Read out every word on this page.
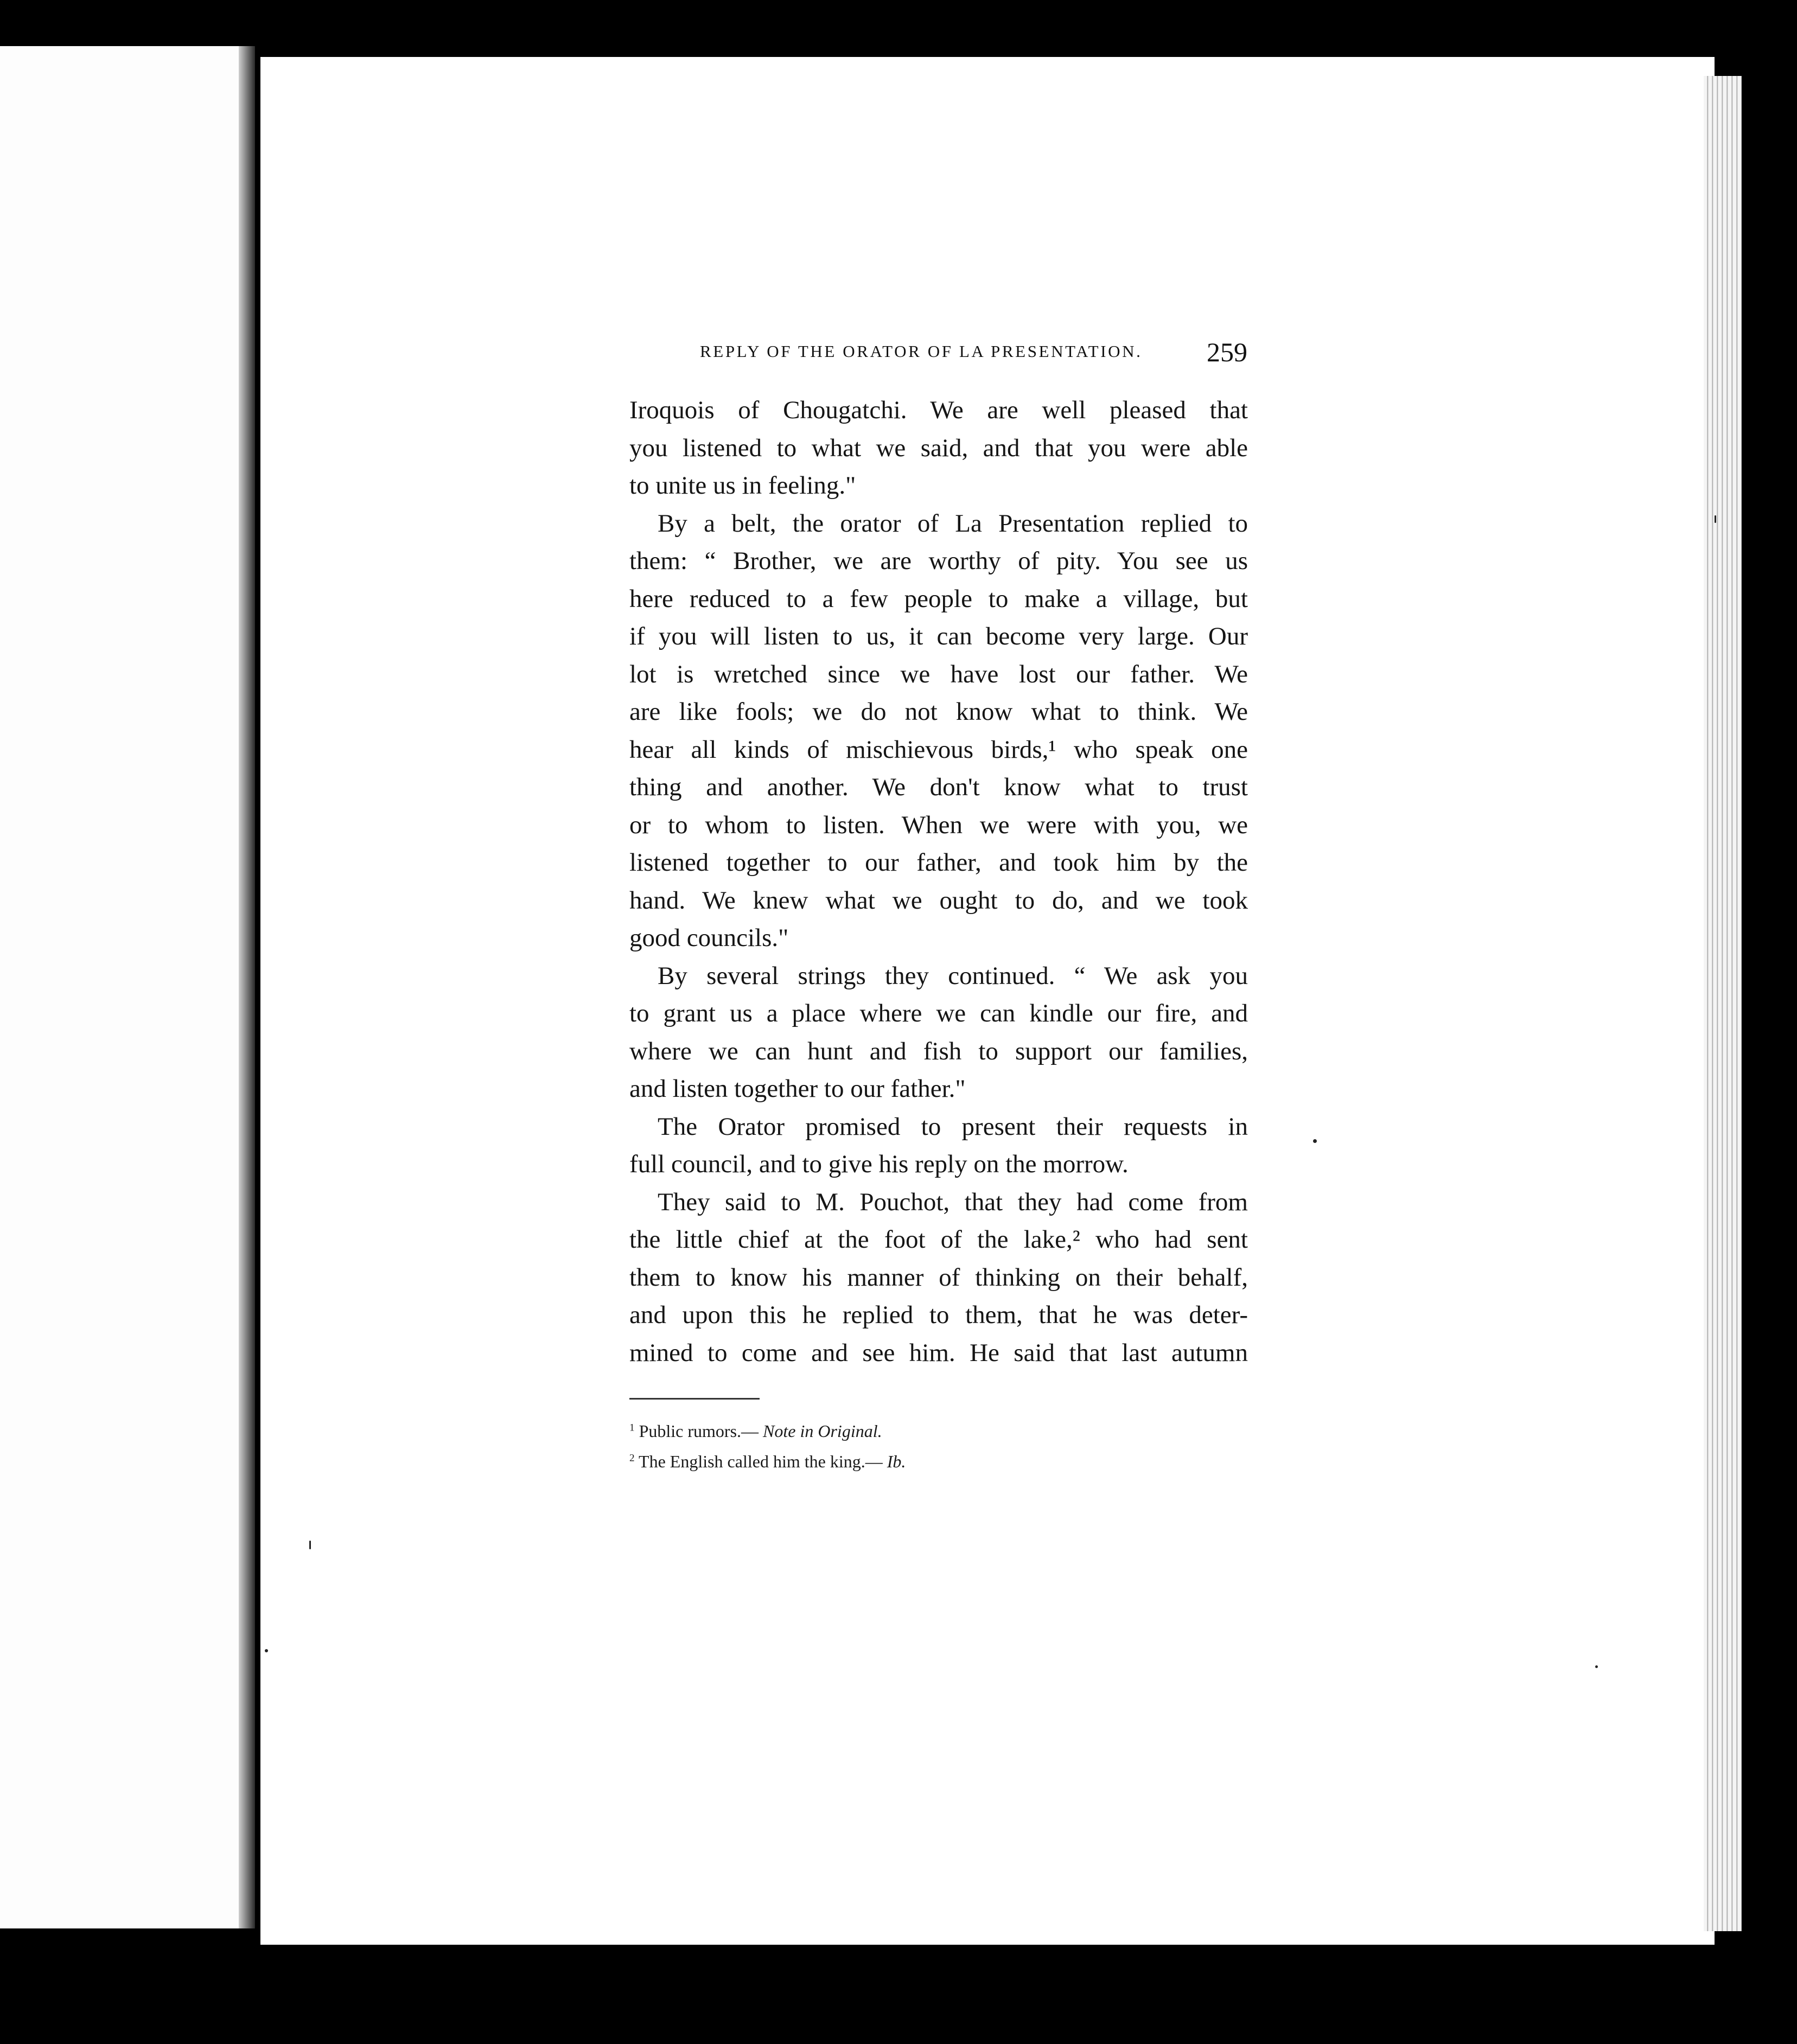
REPLY OF THE ORATOR OF LA PRESENTATION.	259

Iroquois of Chougatchi. We are well pleased that
you listened to what we said, and that you were able
to unite us in feeling."

By a belt, the orator of La Presentation replied to
them: “ Brother, we are worthy of pity. You see us
here reduced to a few people to make a village, but
if you will listen to us, it can become very large. Our
lot is wretched since we have lost our father. We
are like fools; we do not know what to think. We
hear all kinds of mischievous birds,¹ who speak one
thing and another. We don't know what to trust
or to whom to listen. When we were with you, we
listened together to our father, and took him by the
hand. We knew what we ought to do, and we took
good councils."

By several strings they continued. “ We ask you
to grant us a place where we can kindle our fire, and
where we can hunt and fish to support our families,
and listen together to our father."

The Orator promised to present their requests in
full council, and to give his reply on the morrow.

They said to M. Pouchot, that they had come from
the little chief at the foot of the lake,² who had sent
them to know his manner of thinking on their behalf,
and upon this he replied to them, that he was deter-
mined to come and see him. He said that last autumn

$^1$ Public rumors.— Note in Original.
$^2$ The English called him the king.— Ib.
